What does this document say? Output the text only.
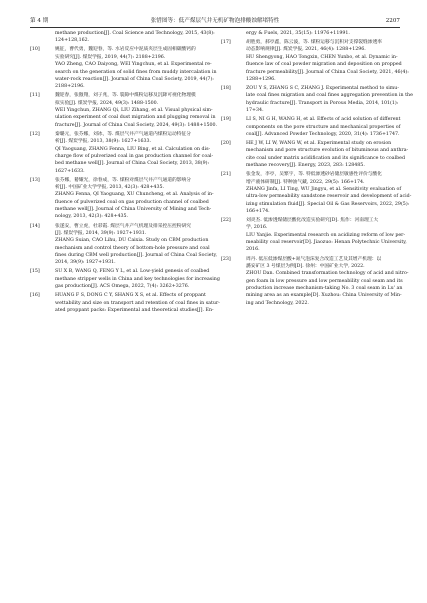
第 4 期	张惜图等：低产煤层气井无机矿物泡排酸蚀解堵特性	2207
methane production[J]. Coal Science and Technology, 2015, 43(8):
124+128,162.
[10]	姚征，曹代勇，魏迎春，等. 水岩反应中泥质夹层生成固相碳酸钙的
实验研究[J]. 煤炭学报, 2019, 44(7): 2188+2196.
YAO Zheng, CAO Daiyong, WEI Yingchun, et al. Experimental re-
search on the generation of solid fines from muddy intercalation in
water-rock reaction[J]. Journal of China Coal Society, 2019, 44(7):
2188+2196.
[11]	魏迎春，张傲翔，刘子兆，等. 裂隙中煤粉运移及沉降可视化物理模
拟实验[J]. 煤炭学报, 2024, 49(3): 1488-1500.
WEI Yingchun, ZHANG Qi, LIU Zihang, et al. Visual physical sim-
ulation experiment of coal dust migration and plugging removal in
fracture[J]. Journal of China Coal Society, 2024, 49(3): 1488+1500.
[12]	秦璐元，张芬娜，刘冰，等. 煤层气井产气通道内煤粉运动特征分
析[J]. 煤炭学报, 2013, 38(9): 1627+1633.
QI Yaoguang, ZHANG Fenna, LIU Bing, et al. Calculation on dis-
charge flow of pulverized coal in gas production channel for coal-
bed methane well[J]. Journal of China Coal Society, 2013, 38(9):
1627+1633.
[13]	张芬娜，綦耀光，徐春成，等. 煤粉对煤层气井产气通道的影响分
析[J]. 中国矿业大学学报, 2013, 42(3): 428+435.
ZHANG Fenna, QI Yaoguang, XU Chuncheng, et al. Analysis of in-
fluence of pulverized coal on gas production channel of coalbed
methane well[J]. Journal of China University of Mining and Tech-
nology, 2013, 42(3): 428+435.
[14]	张遂安，曹立虎，杜彩霞. 煤层气井产气机理及排采控压控粉研究
[J]. 煤炭学报, 2014, 39(9): 1927+1931.
ZHANG Suian, CAO Lihu, DU Caixia. Study on CBM production
mechanism and control theory of bottom-hole pressure and coal
fines during CBM well production[J]. Journal of China Coal Society,
2014, 39(9): 1927+1931.
[15]	SU X B, WANG Q, FENG Y L, et al. Low-yield genesis of coalbed
methane stripper wells in China and key technologies for increasing
gas production[J]. ACS Omega, 2022, 7(4): 3262+3276.
[16]	HUANG F S, DONG C Y, SHANG X S, et al. Effects of proppant
wettability and size on transport and retention of coal fines in satur-
ated proppant packs: Experimental and theoretical studies[J]. En-
ergy & Fuels, 2021, 35(15): 11976+11991.
[17]	胡胜勇，郝亭鑫，陈云波，等. 煤粉运移与沉积对支撑裂缝渗透率
动态影响规律[J]. 煤炭学报, 2021, 46(4): 1288+1296.
HU Shengyong, HAO Tongxin, CHEN Yunbo, et al. Dynamic in-
fluence law of coal powder migration and deposition on propped
fracture permeability[J]. Journal of China Coal Society, 2021, 46(4):
1288+1296.
[18]	ZOU Y S, ZHANG S C, ZHANG J. Experimental method to simu-
late coal fines migration and coal fines aggregation prevention in the
hydraulic fracture[J]. Transport in Porous Media, 2014, 101(1):
17+34.
[19]	LI S, NI G H, WANG H, et al. Effects of acid solution of different
components on the pore structure and mechanical properties of
coal[J]. Advanced Powder Technology, 2020, 31(4): 1736+1747.
[20]	HE J W, LI W, WANG W, et al. Experimental study on erosion
mechanism and pore structure evolution of bituminous and anthra-
cite coal under matrix acidification and its significance to coalbed
methane recovery[J]. Energy, 2023, 283: 128485.
[21]	张金发，李亭，吴繁宇，等. 特低渗透砂岩储层敏感性评价与酸化
增产液体研制[J]. 特种油气藏, 2022, 29(5): 166+174.
ZHANG Jinfa, LI Ting, WU Jingyu, et al. Sensitivity evaluation of
ultra-low permeability sandstone reservoir and development of acid-
izing stimulation fluid[J]. Special Oil & Gas Reservoirs, 2022, 29(5):
166+174.
[22]	刘炎杰. 低渗透煤储层酸化改造实验研究[D]. 焦作：河南理工大
学, 2016.
LIU Yanjie. Experimental research on acidizing reform of low per-
meability coal reservoir[D]. Jiaozuo: Henan Polytechnic University,
2016.
[23]	周丹. 低压低渗煤层酸+氮气泡沫复合改造工艺及其增产机理：以
潞安矿区 3 号煤层为例[D]. 徐州：中国矿业大学, 2022.
ZHOU Dan. Combined transformation technology of acid and nitro-
gen foam in low pressure and low permeability coal seam and its
production increase mechanism-taking No. 3 coal seam in Lu' an
mining area as an example[D]. Xuzhou: China University of Min-
ing and Technology, 2022.
